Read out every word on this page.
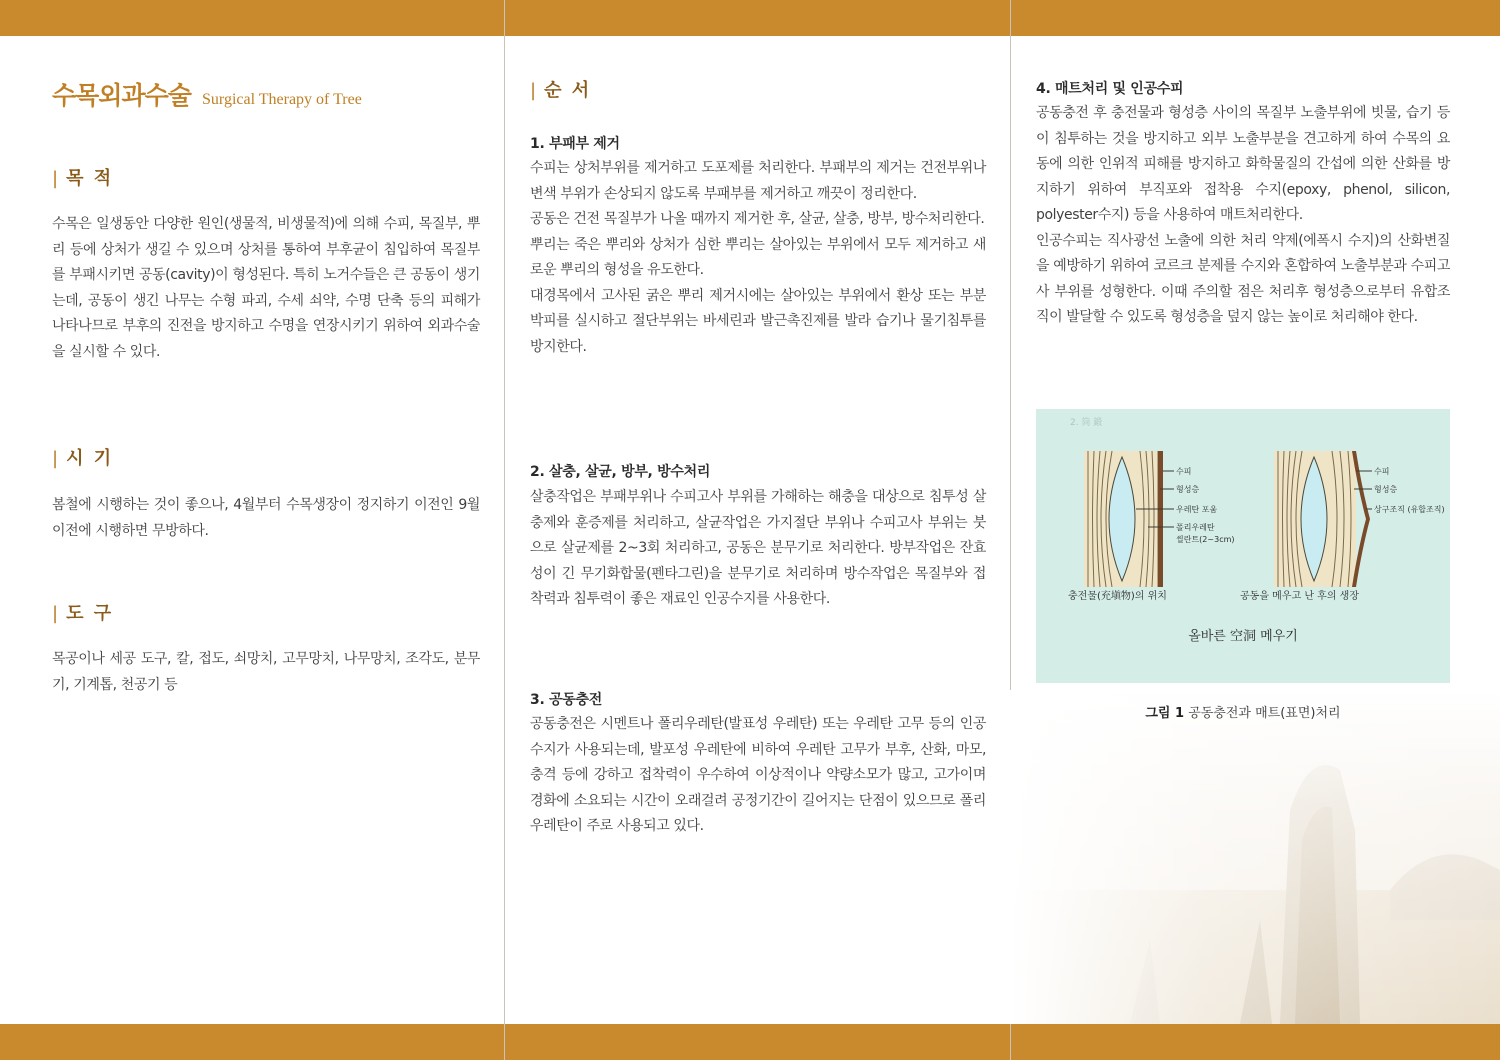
수목외과수술 Surgical Therapy of Tree
| 목 적
수목은 일생동안 다양한 원인(생물적, 비생물적)에 의해 수피, 목질부, 뿌리 등에 상처가 생길 수 있으며 상처를 통하여 부후균이 침입하여 목질부를 부패시키면 공동(cavity)이 형성된다. 특히 노거수들은 큰 공동이 생기는데, 공동이 생긴 나무는 수형 파괴, 수세 쇠약, 수명 단축 등의 피해가 나타나므로 부후의 진전을 방지하고 수명을 연장시키기 위하여 외과수술을 실시할 수 있다.
| 시 기
봄철에 시행하는 것이 좋으나, 4월부터 수목생장이 정지하기 이전인 9월 이전에 시행하면 무방하다.
| 도 구
목공이나 세공 도구, 칼, 접도, 쇠망치, 고무망치, 나무망치, 조각도, 분무기, 기계톱, 천공기 등
| 순 서
1. 부패부 제거

수피는 상처부위를 제거하고 도포제를 처리한다. 부패부의 제거는 건전부위나 변색 부위가 손상되지 않도록 부패부를 제거하고 깨끗이 정리한다.

공동은 건전 목질부가 나올 때까지 제거한 후, 살균, 살충, 방부, 방수처리한다.

뿌리는 죽은 뿌리와 상처가 심한 뿌리는 살아있는 부위에서 모두 제거하고 새로운 뿌리의 형성을 유도한다.

대경목에서 고사된 굵은 뿌리 제거시에는 살아있는 부위에서 환상 또는 부분 박피를 실시하고 절단부위는 바세린과 발근촉진제를 발라 습기나 물기침투를 방지한다.

2. 살충, 살균, 방부, 방수처리
살충작업은 부패부위나 수피고사 부위를 가해하는 해충을 대상으로 침투성 살충제와 훈증제를 처리하고, 살균작업은 가지절단 부위나 수피고사 부위는 붓으로 살균제를 2~3회 처리하고, 공동은 분무기로 처리한다. 방부작업은 잔효성이 긴 무기화합물(펜타그린)을 분무기로 처리하며 방수작업은 목질부와 접착력과 침투력이 좋은 재료인 인공수지를 사용한다.
3. 공동충전
공동충전은 시멘트나 폴리우레탄(발표성 우레탄) 또는 우레탄 고무 등의 인공수지가 사용되는데, 발포성 우레탄에 비하여 우레탄 고무가 부후, 산화, 마모, 충격 등에 강하고 접착력이 우수하여 이상적이나 약량소모가 많고, 고가이며 경화에 소요되는 시간이 오래걸려 공정기간이 길어지는 단점이 있으므로 폴리우레탄이 주로 사용되고 있다.
4. 매트처리 및 인공수피

공동충전 후 충전물과 형성층 사이의 목질부 노출부위에 빗물, 습기 등이 침투하는 것을 방지하고 외부 노출부분을 견고하게 하여 수목의 요동에 의한 인위적 피해를 방지하고 화학물질의 간섭에 의한 산화를 방지하기 위하여 부직포와 접착용 수지(epoxy, phenol, silicon, polyester수지) 등을 사용하여 매트처리한다.

인공수피는 직사광선 노출에 의한 처리 약제(에폭시 수지)의 산화변질을 예방하기 위하여 코르크 분제를 수지와 혼합하여 노출부분과 수피고사 부위를 성형한다. 이때 주의할 점은 처리후 형성층으로부터 유합조직이 발달할 수 있도록 형성층을 덮지 않는 높이로 처리해야 한다.

2. 筒 鍛
수피
형성층
우레탄 포움
폴리우레탄
씰란트(2~3cm)
수피
형성층
상구조직 (유합조직)
충전물(充塡物)의 위치	공동을 메우고 난 후의 생장
올바른 空洞 메우기
그림 1 공동충전과 매트(표면)처리
